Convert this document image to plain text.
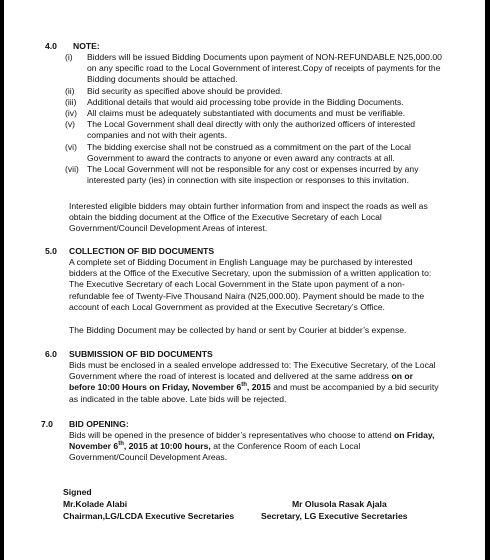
4.0 NOTE:
(i) Bidders will be issued Bidding Documents upon payment of NON-REFUNDABLE N25,000.00 on any specific road to the Local Government of interest.Copy of receipts of payments for the Bidding documents should be attached.
(ii) Bid security as specified above should be provided.
(iii) Additional details that would aid processing tobe provide in the Bidding Documents.
(iv) All claims must be adequately substantiated with documents and must be verifiable.
(v) The Local Government shall deal directly with only the authorized officers of interested companies and not with their agents.
(vi) The bidding exercise shall not be construed as a commitment on the part of the Local Government to award the contracts to anyone or even award any contracts at all.
(vii) The Local Government will not be responsible for any cost or expenses incurred by any interested party (ies) in connection with site inspection or responses to this invitation.

Interested eligible bidders may obtain further information from and inspect the roads as well as obtain the bidding document at the Office of the Executive Secretary of each Local Government/Council Development Areas of interest.

5.0 COLLECTION OF BID DOCUMENTS

A complete set of Bidding Document in English Language may be purchased by interested bidders at the Office of the Executive Secretary, upon the submission of a written application to: The Executive Secretary of each Local Government in the State upon payment of a non-refundable fee of Twenty-Five Thousand Naira (N25,000.00). Payment should be made to the account of each Local Government as provided at the Executive Secretary’s Office.

The Bidding Document may be collected by hand or sent by Courier at bidder’s expense.

6.0 SUBMISSION OF BID DOCUMENTS

Bids must be enclosed in a sealed envelope addressed to: The Executive Secretary, of the Local Government where the road of interest is located and delivered at the same address on or before 10:00 Hours on Friday, November 6th, 2015 and must be accompanied by a bid security as indicated in the table above. Late bids will be rejected.

7.0 BID OPENING:

Bids will be opened in the presence of bidder’s representatives who choose to attend on Friday, November 6th, 2015 at 10:00 hours, at the Conference Room of each Local Government/Council Development Areas.

Signed
Mr.Kolade Alabi
Chairman,LG/LCDA Executive Secretaries
Mr Olusola Rasak Ajala
Secretary, LG Executive Secretaries
